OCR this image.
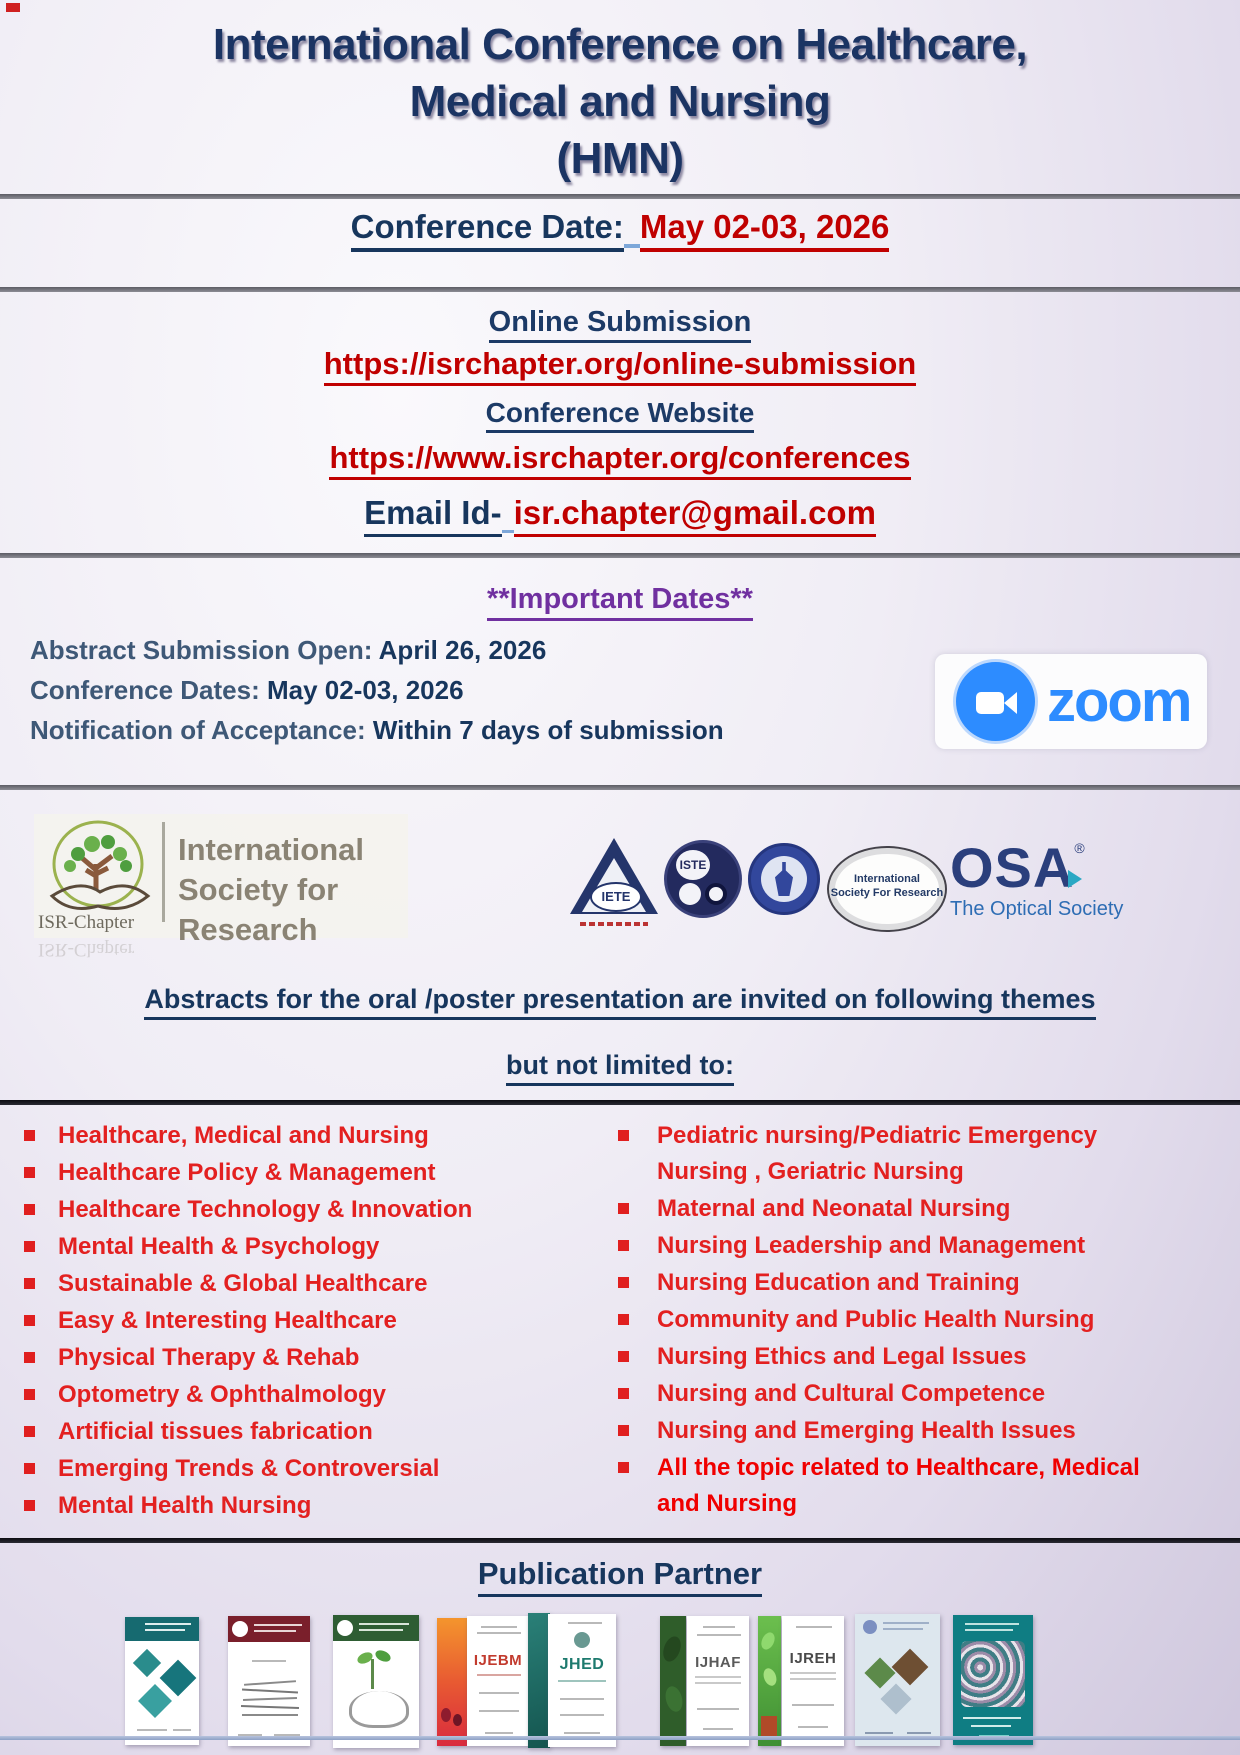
International Conference on Healthcare,
Medical and Nursing
(HMN)
Conference Date: May 02-03, 2026
Online Submission
https://isrchapter.org/online-submission
Conference Website
https://www.isrchapter.org/conferences
Email Id- isr.chapter@gmail.com
**Important Dates**
Abstract Submission Open: April 26, 2026
Conference Dates: May 02-03, 2026
Notification of Acceptance: Within 7 days of submission	zoom
International
Society for Research
ISR-Chapter
ISR-Chapter
IETE
ISTE
International
Society For Research OSA®
The Optical Society
Abstracts for the oral /poster presentation are invited on following themes
but not limited to:
Healthcare, Medical and Nursing
Healthcare Policy & Management
Healthcare Technology & Innovation
Mental Health & Psychology
Sustainable & Global Healthcare
Easy & Interesting Healthcare
Physical Therapy & Rehab
Optometry & Ophthalmology
Artificial tissues fabrication
Emerging Trends & Controversial
Mental Health Nursing
Pediatric nursing/Pediatric Emergency Nursing , Geriatric Nursing
Maternal and Neonatal Nursing
Nursing Leadership and Management
Nursing Education and Training
Community and Public Health Nursing
Nursing Ethics and Legal Issues
Nursing and Cultural Competence
Nursing and Emerging Health Issues
All the topic related to Healthcare, Medical and Nursing
Publication Partner
IJEBM	JHED	IJHAF	IJREH
